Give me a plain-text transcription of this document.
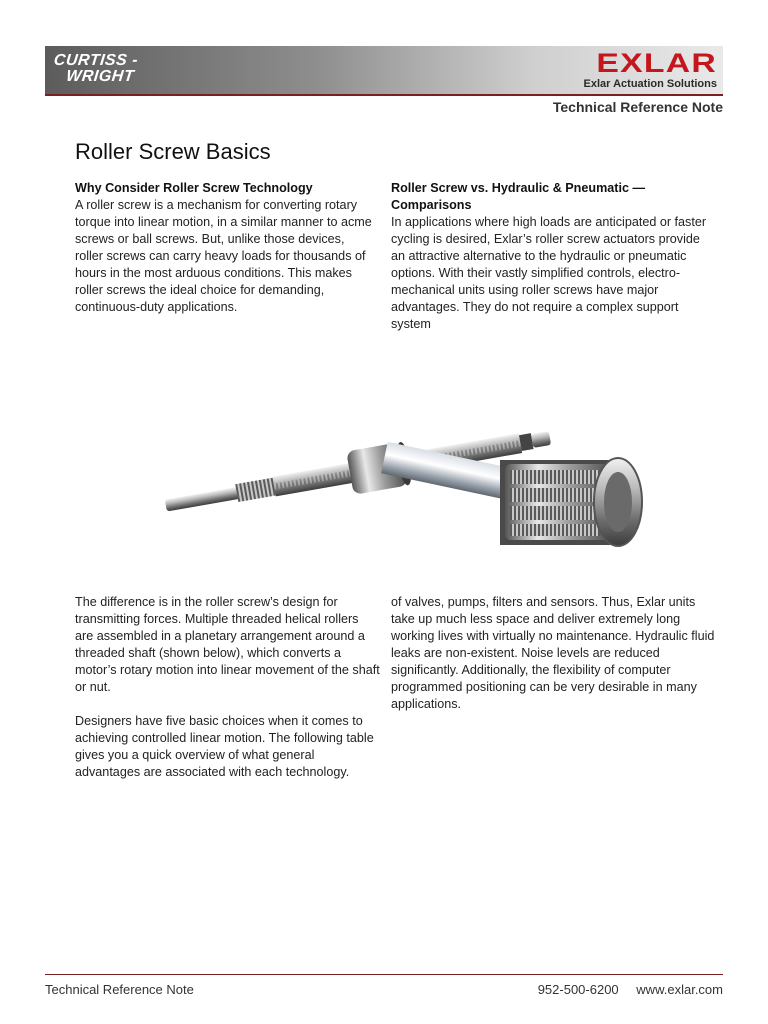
CURTISS -
WRIGHT	EXLAR
Exlar Actuation Solutions
Technical Reference Note
Roller Screw Basics
Why Consider Roller Screw Technology

A roller screw is a mechanism for converting rotary torque into linear motion, in a similar manner to acme screws or ball screws. But, unlike those devices, roller screws can carry heavy loads for thousands of hours in the most arduous conditions. This makes roller screws the ideal choice for demanding, continuous-duty applications.

Roller Screw vs. Hydraulic & Pneumatic — Comparisons

In applications where high loads are anticipated or faster cycling is desired, Exlar’s roller screw actuators provide an attractive alternative to the hydraulic or pneumatic options. With their vastly simplified controls, electro-mechanical units using roller screws have major advantages. They do not require a complex support system

The difference is in the roller screw’s design for transmitting forces. Multiple threaded helical rollers are assembled in a planetary arrangement around a threaded shaft (shown below), which converts a motor’s rotary motion into linear movement of the shaft or nut.

Designers have five basic choices when it comes to achieving controlled linear motion. The following table gives you a quick overview of what general advantages are associated with each technology.

of valves, pumps, filters and sensors. Thus, Exlar units take up much less space and deliver extremely long working lives with virtually no maintenance. Hydraulic fluid leaks are non-existent. Noise levels are reduced significantly. Additionally, the flexibility of computer programmed positioning can be very desirable in many applications.

Technical Reference Note	952-500-6200 www.exlar.com
